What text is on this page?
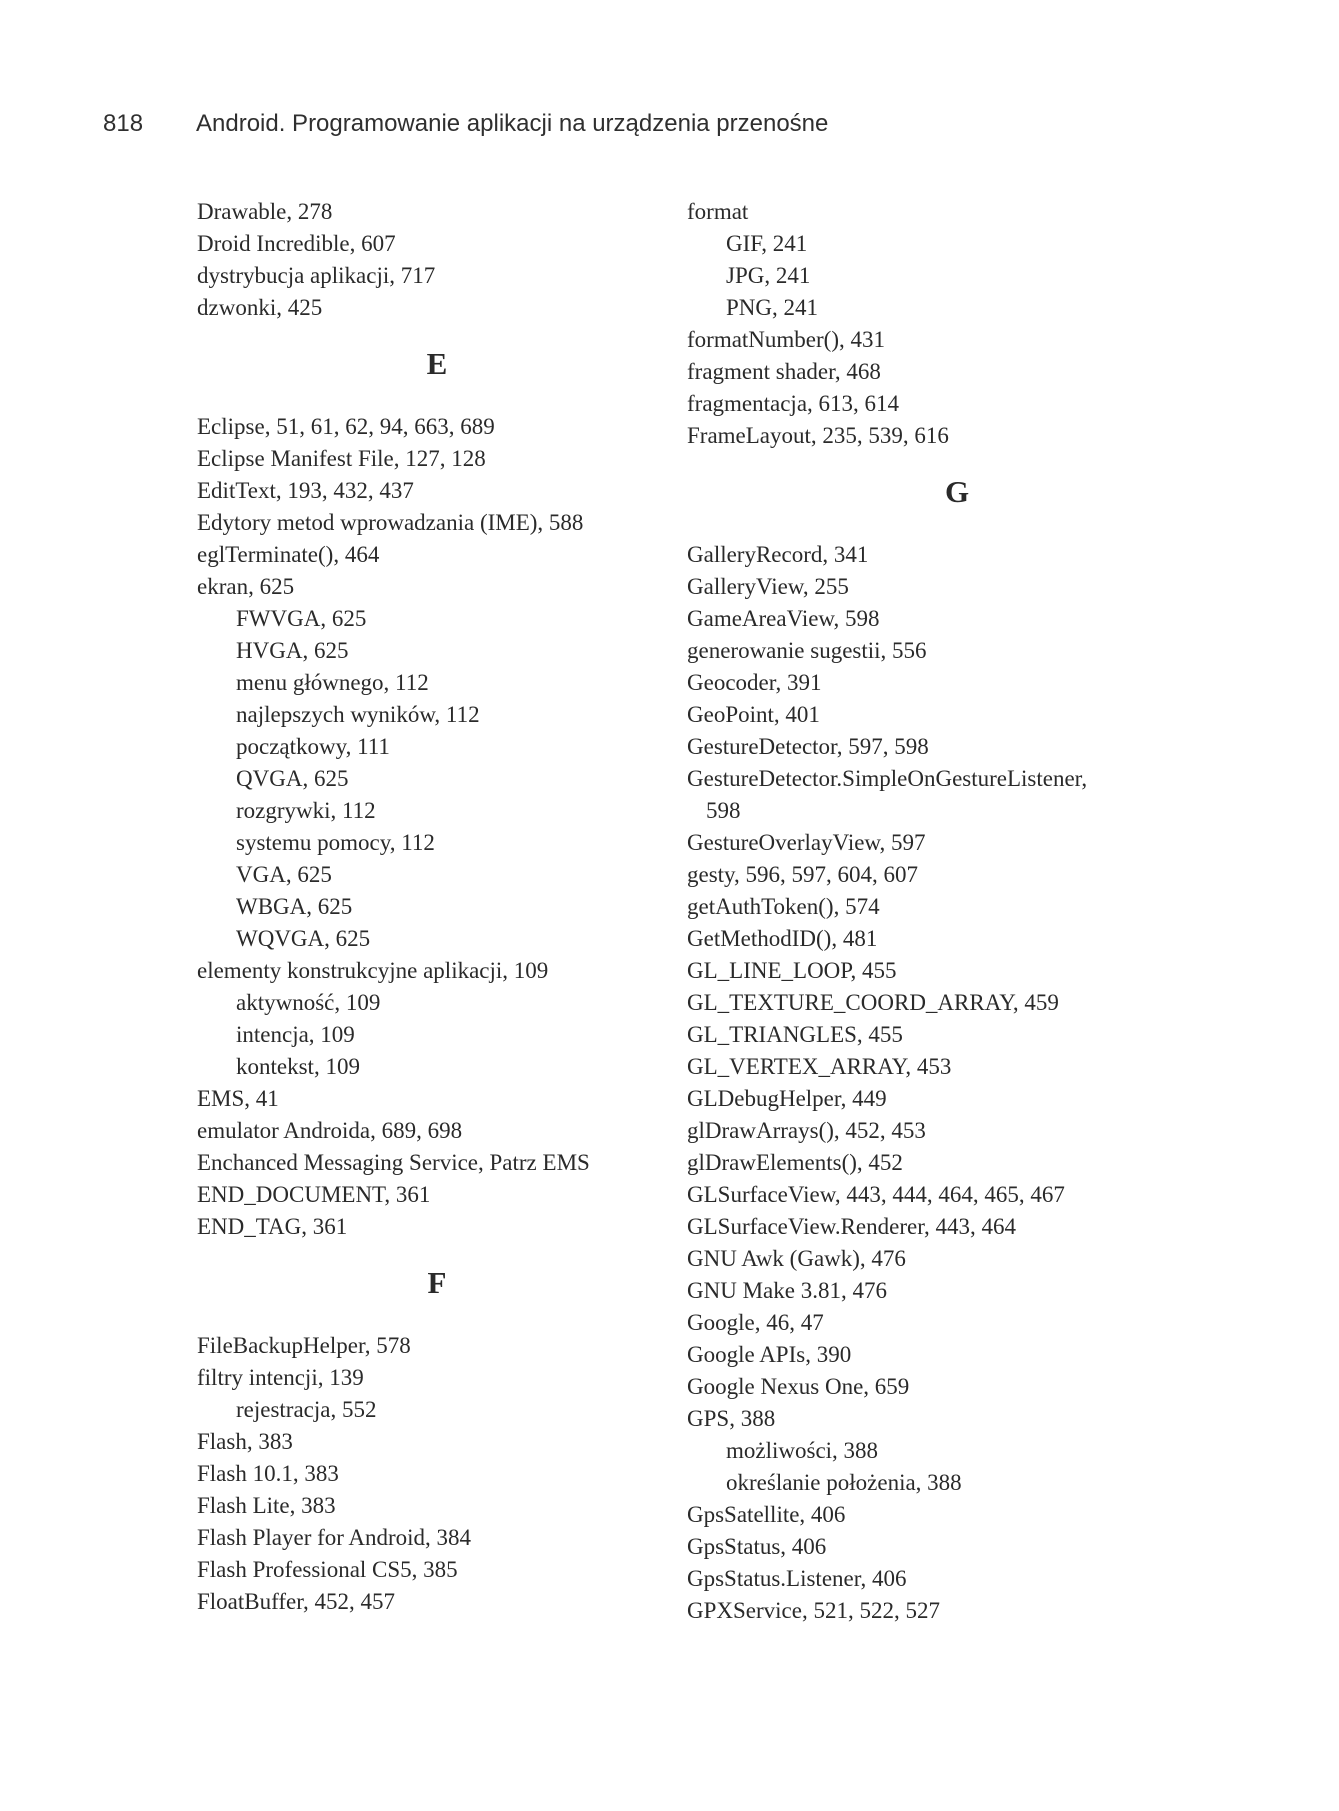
818 Android. Programowanie aplikacji na urządzenia przenośne
Drawable, 278
Droid Incredible, 607
dystrybucja aplikacji, 717
dzwonki, 425
E
Eclipse, 51, 61, 62, 94, 663, 689
Eclipse Manifest File, 127, 128
EditText, 193, 432, 437
Edytory metod wprowadzania (IME), 588
eglTerminate(), 464
ekran, 625
FWVGA, 625
HVGA, 625
menu głównego, 112
najlepszych wyników, 112
początkowy, 111
QVGA, 625
rozgrywki, 112
systemu pomocy, 112
VGA, 625
WBGA, 625
WQVGA, 625
elementy konstrukcyjne aplikacji, 109
aktywność, 109
intencja, 109
kontekst, 109
EMS, 41
emulator Androida, 689, 698
Enchanced Messaging Service, Patrz EMS
END_DOCUMENT, 361
END_TAG, 361
F
FileBackupHelper, 578
filtry intencji, 139
rejestracja, 552
Flash, 383
Flash 10.1, 383
Flash Lite, 383
Flash Player for Android, 384
Flash Professional CS5, 385
FloatBuffer, 452, 457
format
GIF, 241
JPG, 241
PNG, 241
formatNumber(), 431
fragment shader, 468
fragmentacja, 613, 614
FrameLayout, 235, 539, 616
G
GalleryRecord, 341
GalleryView, 255
GameAreaView, 598
generowanie sugestii, 556
Geocoder, 391
GeoPoint, 401
GestureDetector, 597, 598
GestureDetector.SimpleOnGestureListener,
598
GestureOverlayView, 597
gesty, 596, 597, 604, 607
getAuthToken(), 574
GetMethodID(), 481
GL_LINE_LOOP, 455
GL_TEXTURE_COORD_ARRAY, 459
GL_TRIANGLES, 455
GL_VERTEX_ARRAY, 453
GLDebugHelper, 449
glDrawArrays(), 452, 453
glDrawElements(), 452
GLSurfaceView, 443, 444, 464, 465, 467
GLSurfaceView.Renderer, 443, 464
GNU Awk (Gawk), 476
GNU Make 3.81, 476
Google, 46, 47
Google APIs, 390
Google Nexus One, 659
GPS, 388
możliwości, 388
określanie położenia, 388
GpsSatellite, 406
GpsStatus, 406
GpsStatus.Listener, 406
GPXService, 521, 522, 527
